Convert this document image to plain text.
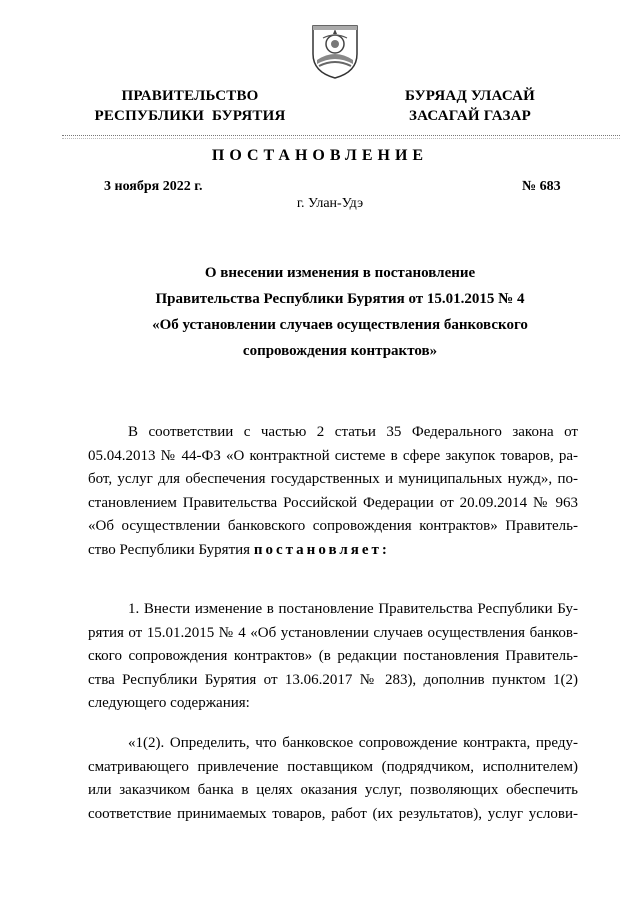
ПРАВИТЕЛЬСТВО
РЕСПУБЛИКИ  БУРЯТИЯ
БУРЯАД УЛАСАЙ
ЗАСАГАЙ ГАЗАР
ПОСТАНОВЛЕНИЕ
3 ноября 2022 г.	№ 683
г. Улан-Удэ
О внесении изменения в постановление
Правительства Республики Бурятия от 15.01.2015 № 4
«Об установлении случаев осуществления банковского
сопровождения контрактов»
В соответствии с частью 2 статьи 35 Федерального закона от
05.04.2013 № 44-ФЗ «О контрактной системе в сфере закупок товаров, ра-
бот, услуг для обеспечения государственных и муниципальных нужд», по-
становлением Правительства Российской Федерации от 20.09.2014 № 963
«Об осуществлении банковского сопровождения контрактов» Правитель-
ство Республики Бурятия постановляет:
1. Внести изменение в постановление Правительства Республики Бу-
рятия от 15.01.2015 № 4 «Об установлении случаев осуществления банков-
ского сопровождения контрактов» (в редакции постановления Правитель-
ства Республики Бурятия от 13.06.2017 № 283), дополнив пунктом 1(2)
следующего содержания:
«1(2). Определить, что банковское сопровождение контракта, преду-
сматривающего привлечение поставщиком (подрядчиком, исполнителем)
или заказчиком банка в целях оказания услуг, позволяющих обеспечить
соответствие принимаемых товаров, работ (их результатов), услуг услови-
